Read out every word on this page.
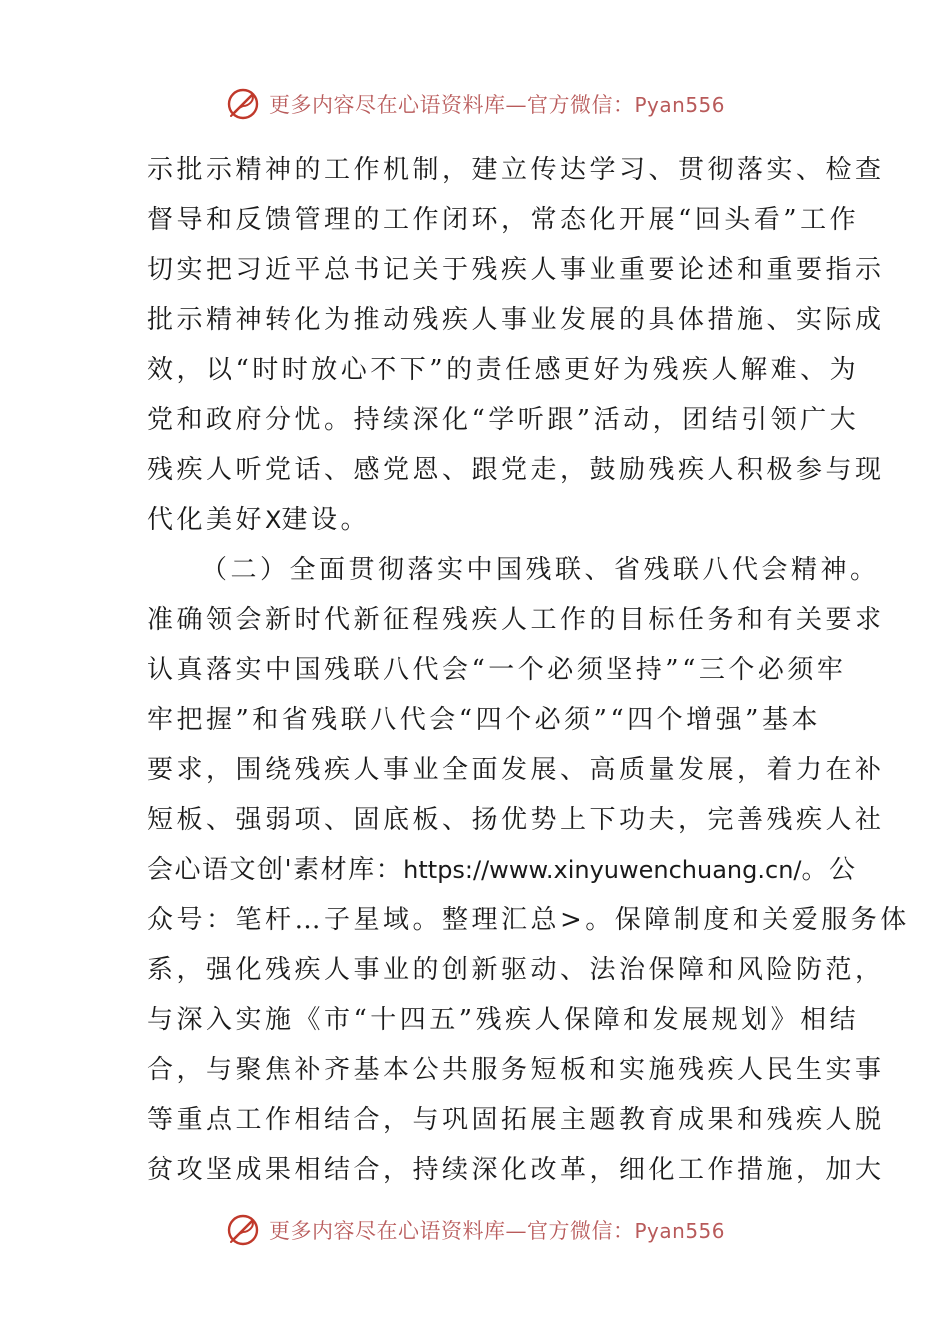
更多内容尽在心语资料库—官方微信：Pyan556
示批示精神的工作机制，建立传达学习、贯彻落实、检查
督导和反馈管理的工作闭环，常态化开展“回头看”工作
切实把习近平总书记关于残疾人事业重要论述和重要指示
批示精神转化为推动残疾人事业发展的具体措施、实际成
效，以“时时放心不下”的责任感更好为残疾人解难、为
党和政府分忧。持续深化“学听跟”活动，团结引领广大
残疾人听党话、感党恩、跟党走，鼓励残疾人积极参与现
代化美好X建设。
（二）全面贯彻落实中国残联、省残联八代会精神。
准确领会新时代新征程残疾人工作的目标任务和有关要求
认真落实中国残联八代会“一个必须坚持”“三个必须牢
牢把握”和省残联八代会“四个必须”“四个增强”基本
要求，围绕残疾人事业全面发展、高质量发展，着力在补
短板、强弱项、固底板、扬优势上下功夫，完善残疾人社
会心语文创'素材库：https://www.xinyuwenchuang.cn/。公
众号：笔杆…子星域。整理汇总>。保障制度和关爱服务体
系，强化残疾人事业的创新驱动、法治保障和风险防范，
与深入实施《市“十四五”残疾人保障和发展规划》相结
合，与聚焦补齐基本公共服务短板和实施残疾人民生实事
等重点工作相结合，与巩固拓展主题教育成果和残疾人脱
贫攻坚成果相结合，持续深化改革，细化工作措施，加大
更多内容尽在心语资料库—官方微信：Pyan556
